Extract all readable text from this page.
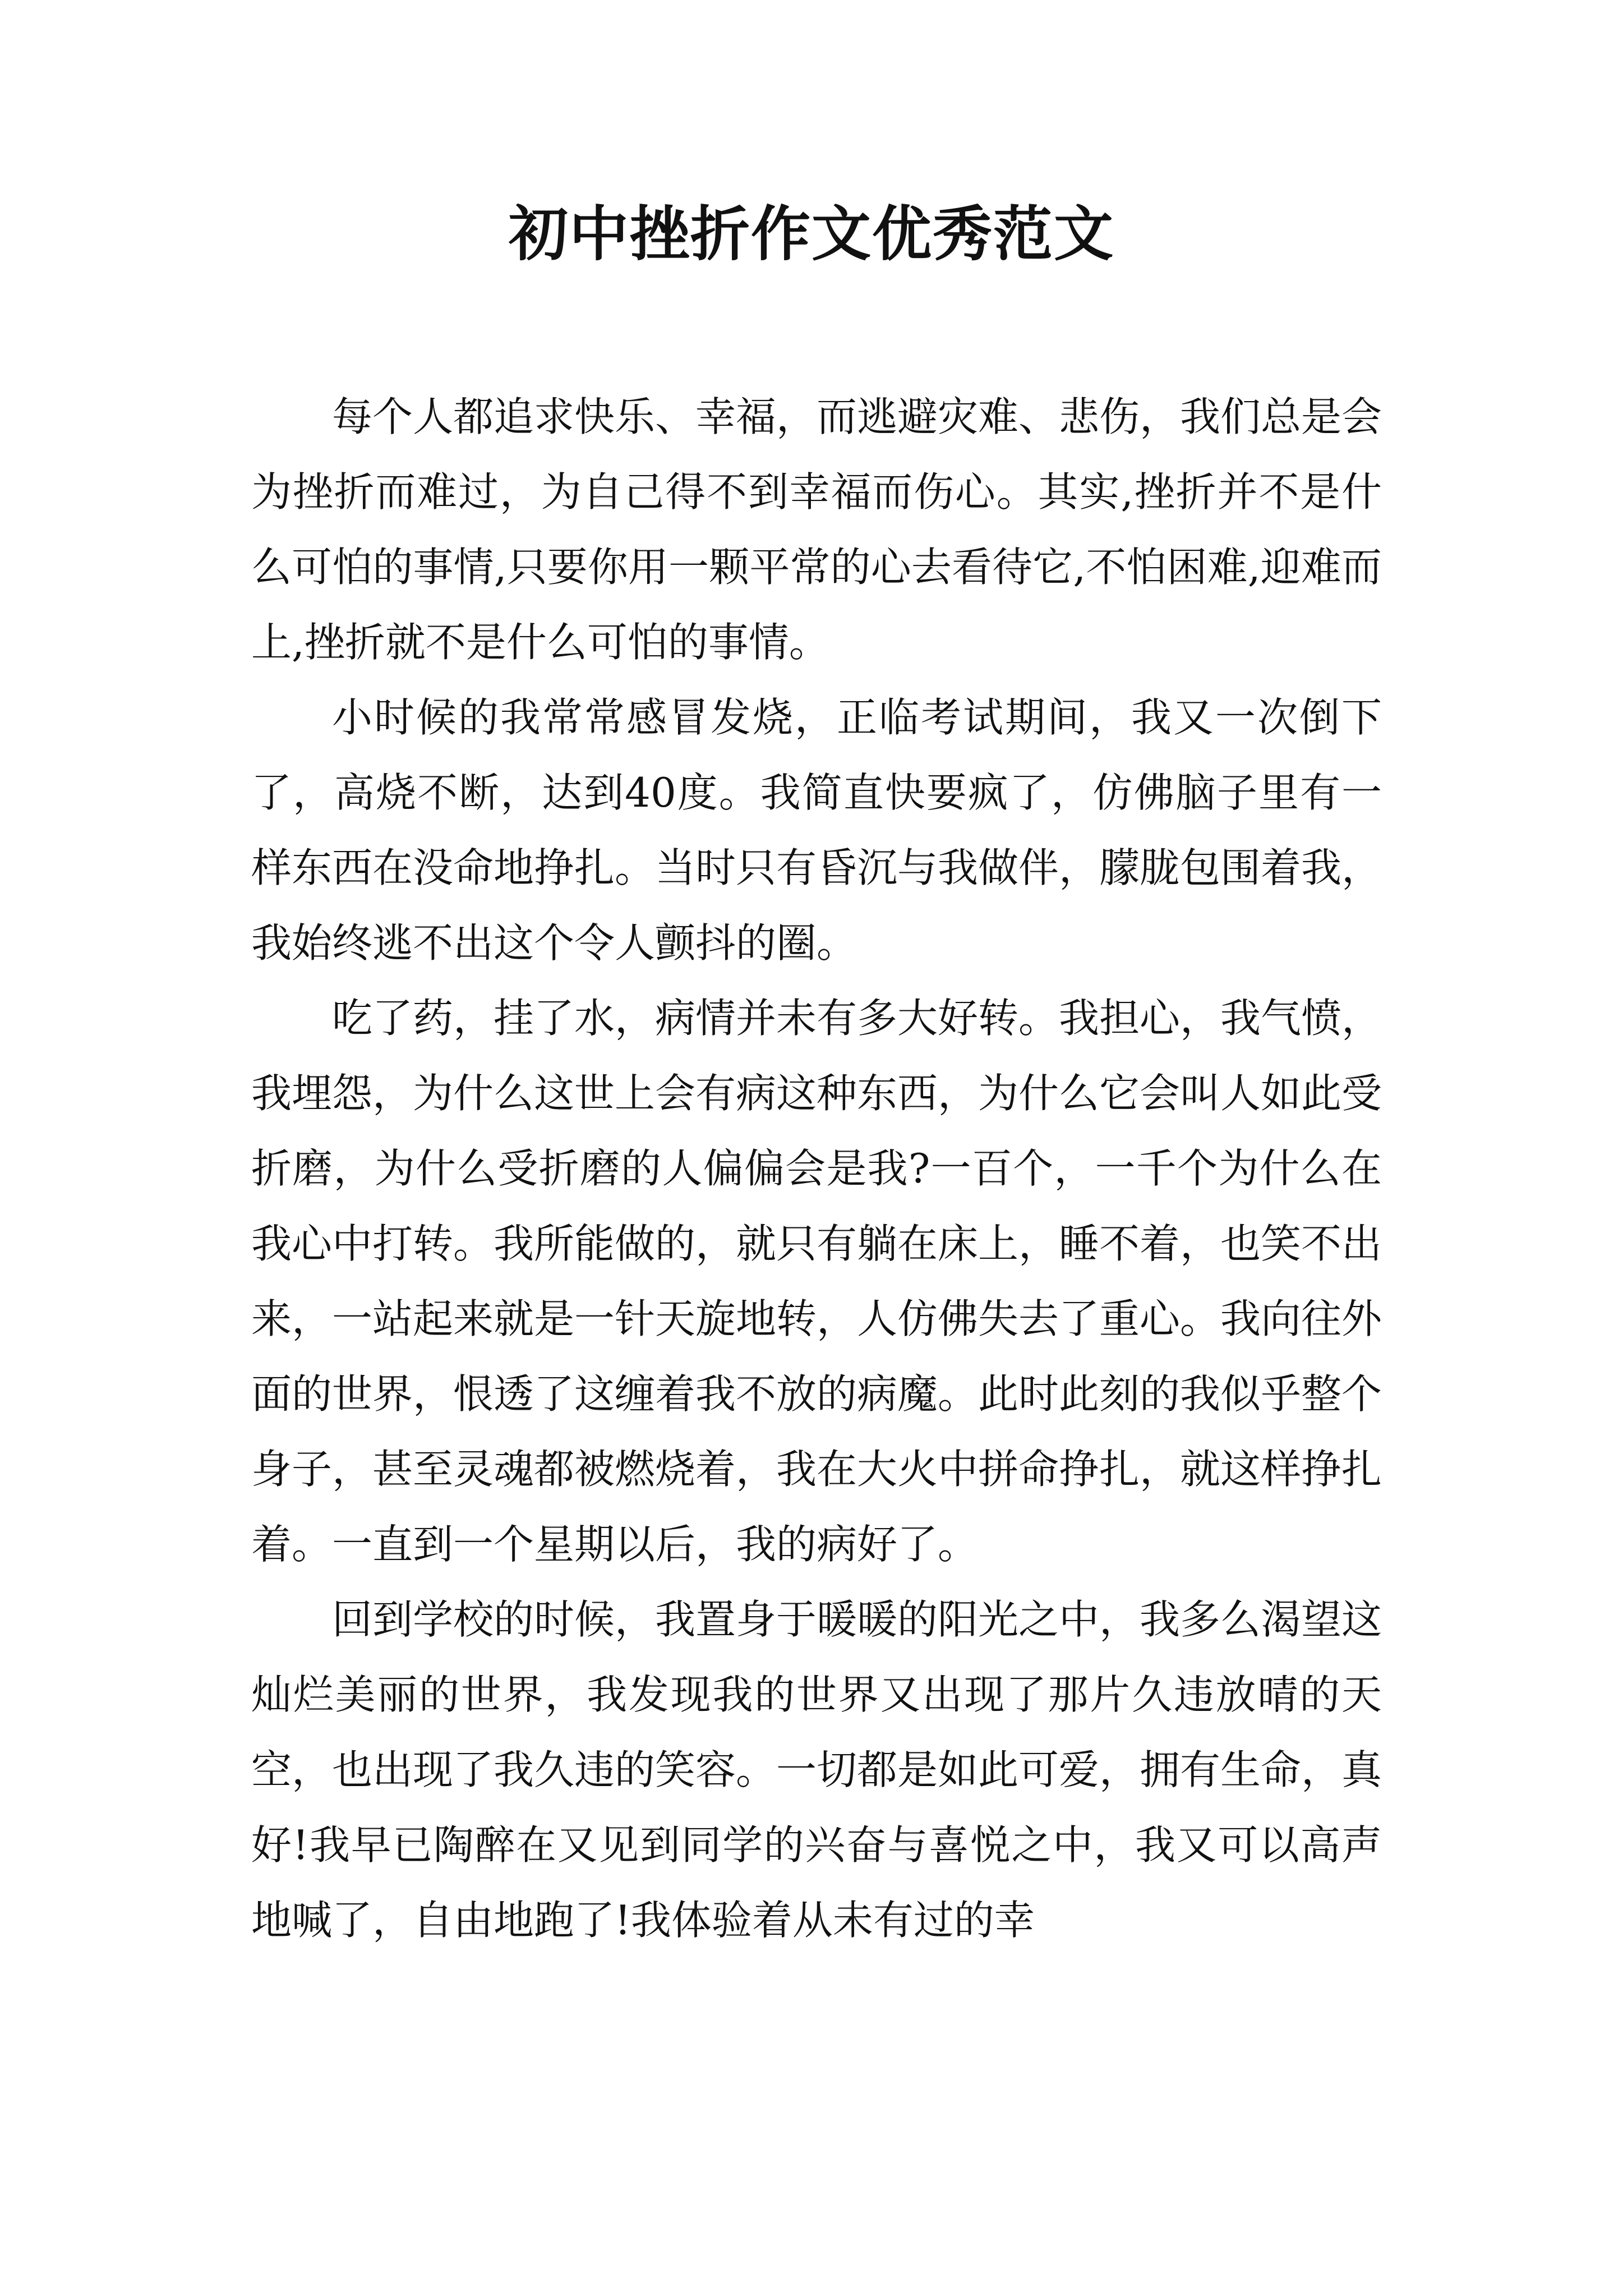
初中挫折作文优秀范文

每个人都追求快乐、幸福，而逃避灾难、悲伤，我们总是会为挫折而难过，为自己得不到幸福而伤心。其实,挫折并不是什么可怕的事情,只要你用一颗平常的心去看待它,不怕困难,迎难而上,挫折就不是什么可怕的事情。

小时候的我常常感冒发烧，正临考试期间，我又一次倒下了，高烧不断，达到40度。我简直快要疯了，仿佛脑子里有一样东西在没命地挣扎。当时只有昏沉与我做伴，朦胧包围着我，我始终逃不出这个令人颤抖的圈。

吃了药，挂了水，病情并未有多大好转。我担心，我气愤，我埋怨，为什么这世上会有病这种东西，为什么它会叫人如此受折磨，为什么受折磨的人偏偏会是我?一百个，一千个为什么在我心中打转。我所能做的，就只有躺在床上，睡不着，也笑不出来，一站起来就是一针天旋地转，人仿佛失去了重心。我向往外面的世界，恨透了这缠着我不放的病魔。此时此刻的我似乎整个身子，甚至灵魂都被燃烧着，我在大火中拼命挣扎，就这样挣扎着。一直到一个星期以后，我的病好了。

回到学校的时候，我置身于暖暖的阳光之中，我多么渴望这灿烂美丽的世界，我发现我的世界又出现了那片久违放晴的天空，也出现了我久违的笑容。一切都是如此可爱，拥有生命，真好!我早已陶醉在又见到同学的兴奋与喜悦之中，我又可以高声地喊了，自由地跑了!我体验着从未有过的幸
